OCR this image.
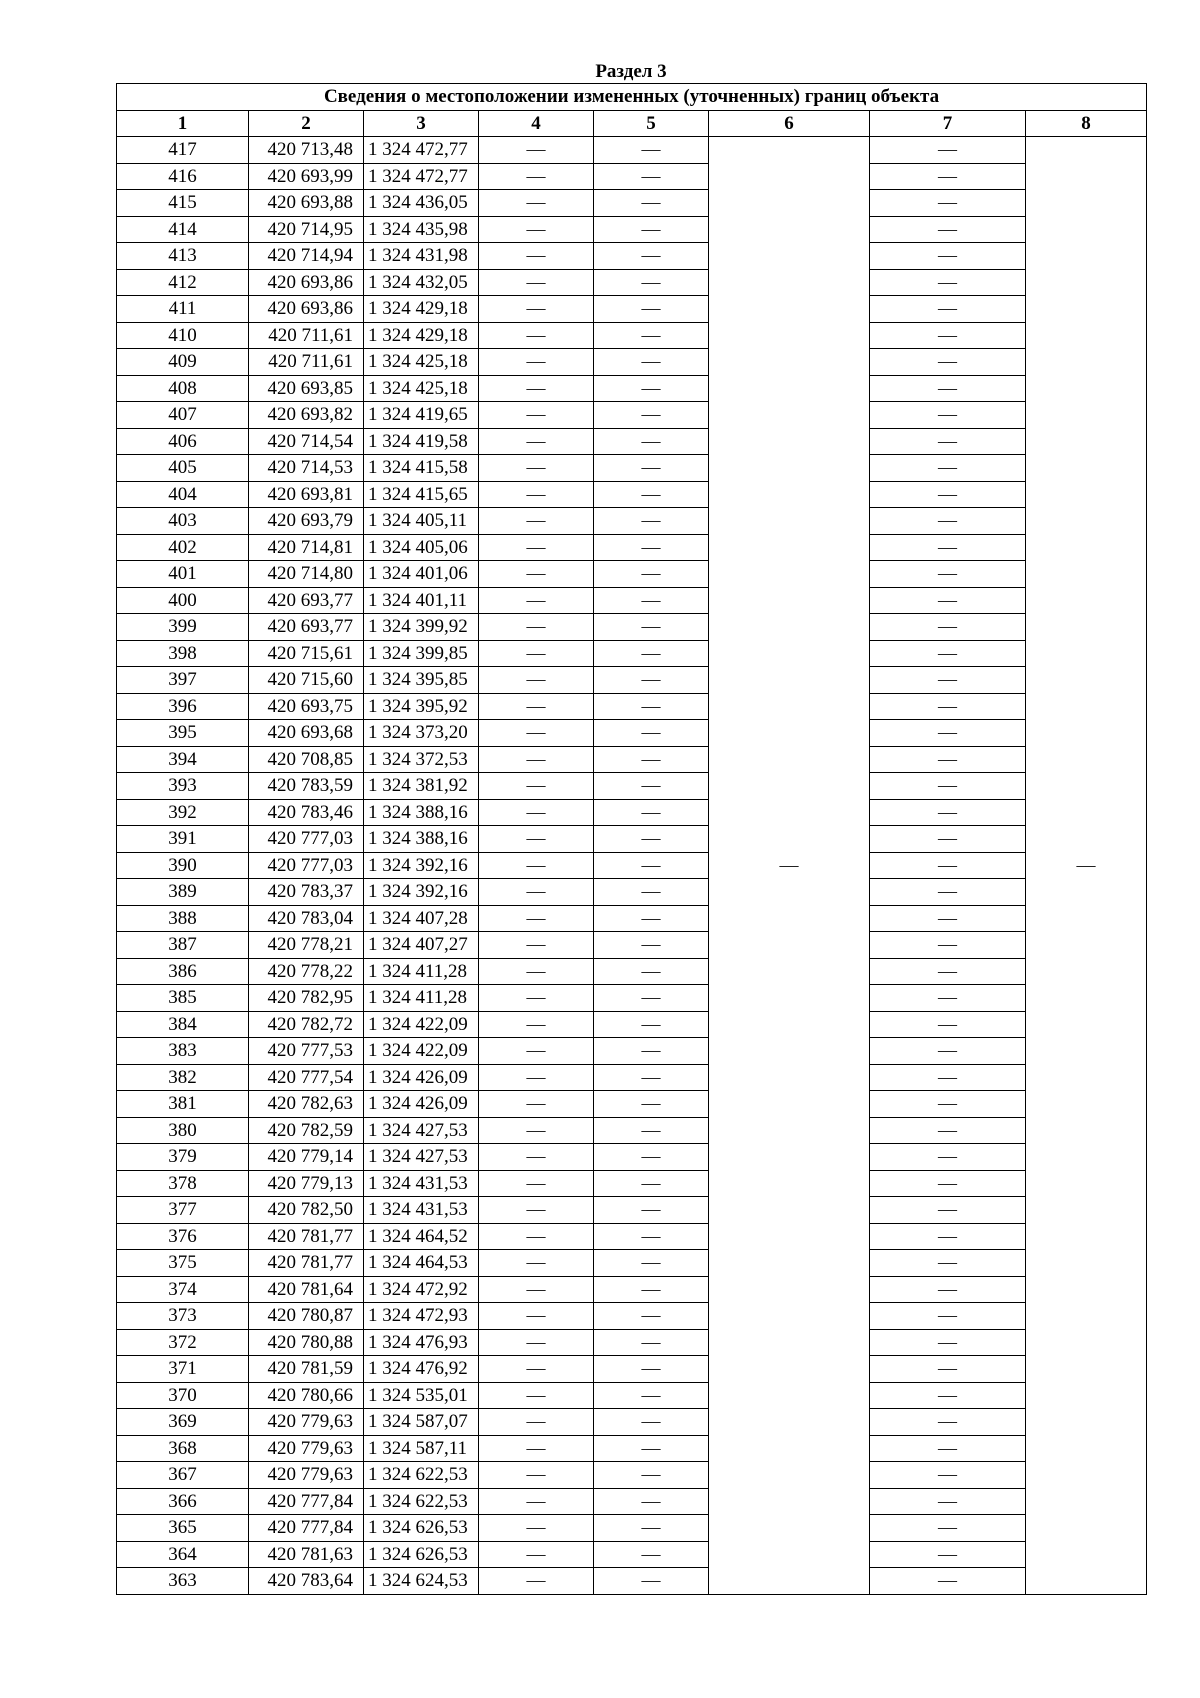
Раздел 3
Сведения о местоположении измененных (уточненных) границ объекта							
1	2	3	4	5	6	7	8
417	420 713,48	1 324 472,77	—	—	—	—	—
416	420 693,99	1 324 472,77	—	—		—	
415	420 693,88	1 324 436,05	—	—		—	
414	420 714,95	1 324 435,98	—	—		—	
413	420 714,94	1 324 431,98	—	—		—	
412	420 693,86	1 324 432,05	—	—		—	
411	420 693,86	1 324 429,18	—	—		—	
410	420 711,61	1 324 429,18	—	—		—	
409	420 711,61	1 324 425,18	—	—		—	
408	420 693,85	1 324 425,18	—	—		—	
407	420 693,82	1 324 419,65	—	—		—	
406	420 714,54	1 324 419,58	—	—		—	
405	420 714,53	1 324 415,58	—	—		—	
404	420 693,81	1 324 415,65	—	—		—	
403	420 693,79	1 324 405,11	—	—		—	
402	420 714,81	1 324 405,06	—	—		—	
401	420 714,80	1 324 401,06	—	—		—	
400	420 693,77	1 324 401,11	—	—		—	
399	420 693,77	1 324 399,92	—	—		—	
398	420 715,61	1 324 399,85	—	—		—	
397	420 715,60	1 324 395,85	—	—		—	
396	420 693,75	1 324 395,92	—	—		—	
395	420 693,68	1 324 373,20	—	—		—	
394	420 708,85	1 324 372,53	—	—		—	
393	420 783,59	1 324 381,92	—	—		—	
392	420 783,46	1 324 388,16	—	—		—	
391	420 777,03	1 324 388,16	—	—		—	
390	420 777,03	1 324 392,16	—	—		—	
389	420 783,37	1 324 392,16	—	—		—	
388	420 783,04	1 324 407,28	—	—		—	
387	420 778,21	1 324 407,27	—	—		—	
386	420 778,22	1 324 411,28	—	—		—	
385	420 782,95	1 324 411,28	—	—		—	
384	420 782,72	1 324 422,09	—	—		—	
383	420 777,53	1 324 422,09	—	—		—	
382	420 777,54	1 324 426,09	—	—		—	
381	420 782,63	1 324 426,09	—	—		—	
380	420 782,59	1 324 427,53	—	—		—	
379	420 779,14	1 324 427,53	—	—		—	
378	420 779,13	1 324 431,53	—	—		—	
377	420 782,50	1 324 431,53	—	—		—	
376	420 781,77	1 324 464,52	—	—		—	
375	420 781,77	1 324 464,53	—	—		—	
374	420 781,64	1 324 472,92	—	—		—	
373	420 780,87	1 324 472,93	—	—		—	
372	420 780,88	1 324 476,93	—	—		—	
371	420 781,59	1 324 476,92	—	—		—	
370	420 780,66	1 324 535,01	—	—		—	
369	420 779,63	1 324 587,07	—	—		—	
368	420 779,63	1 324 587,11	—	—		—	
367	420 779,63	1 324 622,53	—	—		—	
366	420 777,84	1 324 622,53	—	—		—	
365	420 777,84	1 324 626,53	—	—		—	
364	420 781,63	1 324 626,53	—	—		—	
363	420 783,64	1 324 624,53	—	—		—	
